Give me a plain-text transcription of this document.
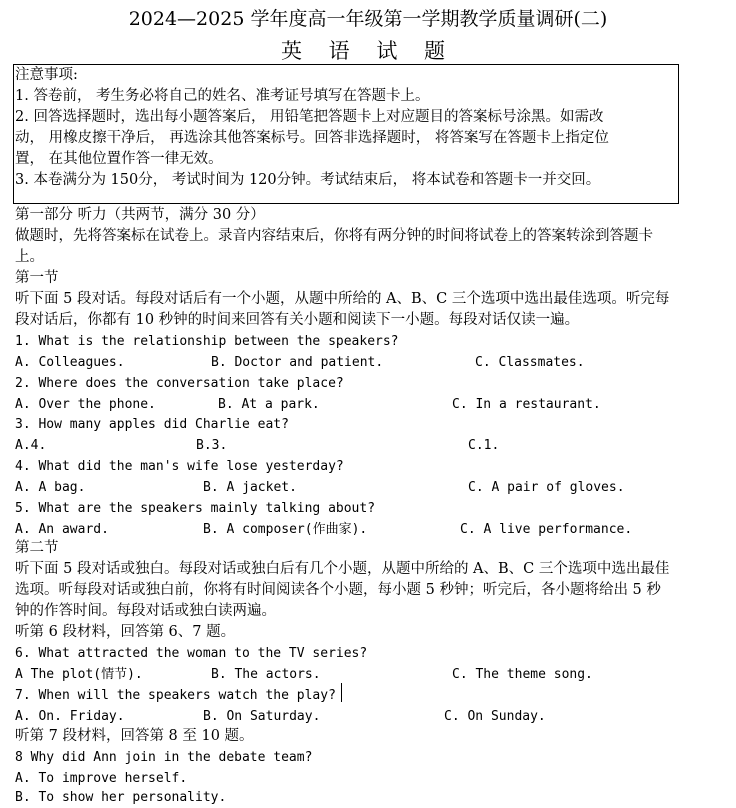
2024—2025 学年度高一年级第一学期教学质量调研(二)
英 语 试 题
注意事项:
1. 答卷前， 考生务必将自己的姓名、准考证号填写在答题卡上。
2. 回答选择题时，选出每小题答案后， 用铅笔把答题卡上对应题目的答案标号涂黑。如需改
动， 用橡皮擦干净后， 再选涂其他答案标号。回答非选择题时， 将答案写在答题卡上指定位
置， 在其他位置作答一律无效。
3. 本卷满分为 150分， 考试时间为 120分钟。考试结束后， 将本试卷和答题卡一并交回。
第一部分 听力（共两节，满分 30 分）
做题时，先将答案标在试卷上。录音内容结束后，你将有两分钟的时间将试卷上的答案转涂到答题卡
上。
第一节
听下面 5 段对话。每段对话后有一个小题，从题中所给的 A、B、C 三个选项中选出最佳选项。听完每
段对话后，你都有 10 秒钟的时间来回答有关小题和阅读下一小题。每段对话仅读一遍。
1. What is the relationship between the speakers?
A. Colleagues.	B. Doctor and patient.	C. Classmates.
2. Where does the conversation take place?
A. Over the phone.	B. At a park.	C. In a restaurant.
3. How many apples did Charlie eat?
A.4.	B.3.	C.1.
4. What did the man's wife lose yesterday?
A. A bag.	B. A jacket.	C. A pair of gloves.
5. What are the speakers mainly talking about?
A. An award.	B. A composer(作曲家).	C. A live performance.
第二节
听下面 5 段对话或独白。每段对话或独白后有几个小题，从题中所给的 A、B、C 三个选项中选出最佳
选项。听每段对话或独白前，你将有时间阅读各个小题，每小题 5 秒钟；听完后，各小题将给出 5 秒
钟的作答时间。每段对话或独白读两遍。
听第 6 段材料，回答第 6、7 题。
6. What attracted the woman to the TV series?
A The plot(情节).	B. The actors.	C. The theme song.
7. When will the speakers watch the play?
A. On. Friday.	B. On Saturday.	C. On Sunday.
听第 7 段材料，回答第 8 至 10 题。
8 Why did Ann join in the debate team?
A. To improve herself.
B. To show her personality.
